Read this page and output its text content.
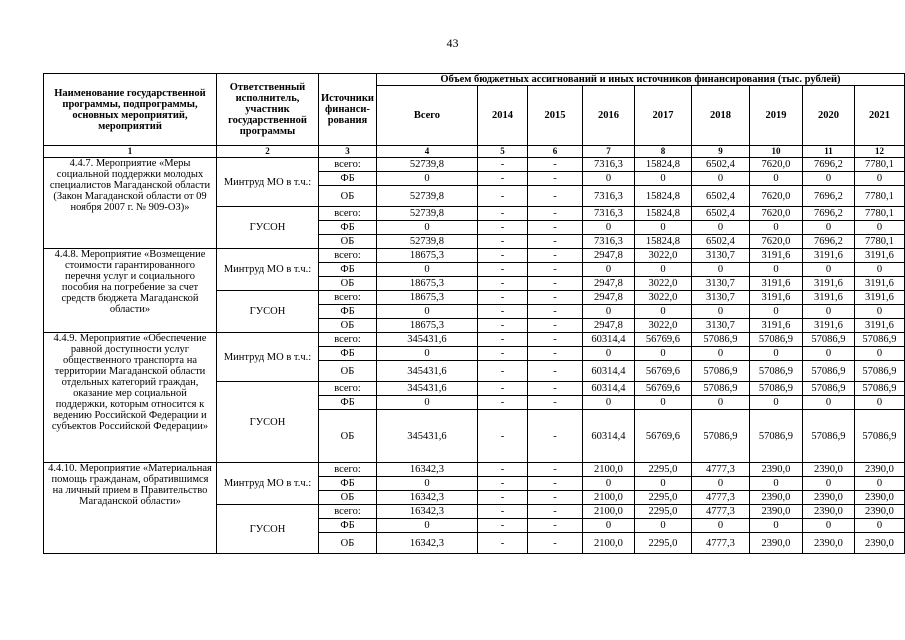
43
Наименование государственной программы, подпрограммы, основных мероприятий, мероприятий	Ответственный исполнитель, участник государственной программы	Источники финанси-рования	Объем бюджетных ассигнований и иных источников финансирования (тыс. рублей)								
			Всего	2014	2015	2016	2017	2018	2019	2020	2021
1	2	3	4	5	6	7	8	9	10	11	12
4.4.7. Мероприятие «Меры социальной поддержки молодых специалистов Магаданской области (Закон Магаданской области от 09 ноября 2007 г. № 909-ОЗ)»	Минтруд МО в т.ч.:	всего:	52739,8	-	-	7316,3	15824,8	6502,4	7620,0	7696,2	7780,1
		ФБ	0	-	-	0	0	0	0	0	0
		ОБ	52739,8	-	-	7316,3	15824,8	6502,4	7620,0	7696,2	7780,1
	ГУСОН	всего:	52739,8	-	-	7316,3	15824,8	6502,4	7620,0	7696,2	7780,1
		ФБ	0	-	-	0	0	0	0	0	0
		ОБ	52739,8	-	-	7316,3	15824,8	6502,4	7620,0	7696,2	7780,1
4.4.8. Мероприятие «Возмещение стоимости гарантированного перечня услуг и социального пособия на погребение за счет средств бюджета Магаданской области»	Минтруд МО в т.ч.:	всего:	18675,3	-	-	2947,8	3022,0	3130,7	3191,6	3191,6	3191,6
		ФБ	0	-	-	0	0	0	0	0	0
		ОБ	18675,3	-	-	2947,8	3022,0	3130,7	3191,6	3191,6	3191,6
	ГУСОН	всего:	18675,3	-	-	2947,8	3022,0	3130,7	3191,6	3191,6	3191,6
		ФБ	0	-	-	0	0	0	0	0	0
		ОБ	18675,3	-	-	2947,8	3022,0	3130,7	3191,6	3191,6	3191,6
4.4.9. Мероприятие «Обеспечение равной доступности услуг общественного транспорта на территории Магаданской области отдельных категорий граждан, оказание мер социальной поддержки, которым относится к ведению Российской Федерации и субъектов Российской Федерации»	Минтруд МО в т.ч.:	всего:	345431,6	-	-	60314,4	56769,6	57086,9	57086,9	57086,9	57086,9
		ФБ	0	-	-	0	0	0	0	0	0
		ОБ	345431,6	-	-	60314,4	56769,6	57086,9	57086,9	57086,9	57086,9
	ГУСОН	всего:	345431,6	-	-	60314,4	56769,6	57086,9	57086,9	57086,9	57086,9
		ФБ	0	-	-	0	0	0	0	0	0
		ОБ	345431,6	-	-	60314,4	56769,6	57086,9	57086,9	57086,9	57086,9
4.4.10. Мероприятие «Материальная помощь гражданам, обратившимся на личный прием в Правительство Магаданской области»	Минтруд МО в т.ч.:	всего:	16342,3	-	-	2100,0	2295,0	4777,3	2390,0	2390,0	2390,0
		ФБ	0	-	-	0	0	0	0	0	0
		ОБ	16342,3	-	-	2100,0	2295,0	4777,3	2390,0	2390,0	2390,0
	ГУСОН	всего:	16342,3	-	-	2100,0	2295,0	4777,3	2390,0	2390,0	2390,0
		ФБ	0	-	-	0	0	0	0	0	0
		ОБ	16342,3	-	-	2100,0	2295,0	4777,3	2390,0	2390,0	2390,0
